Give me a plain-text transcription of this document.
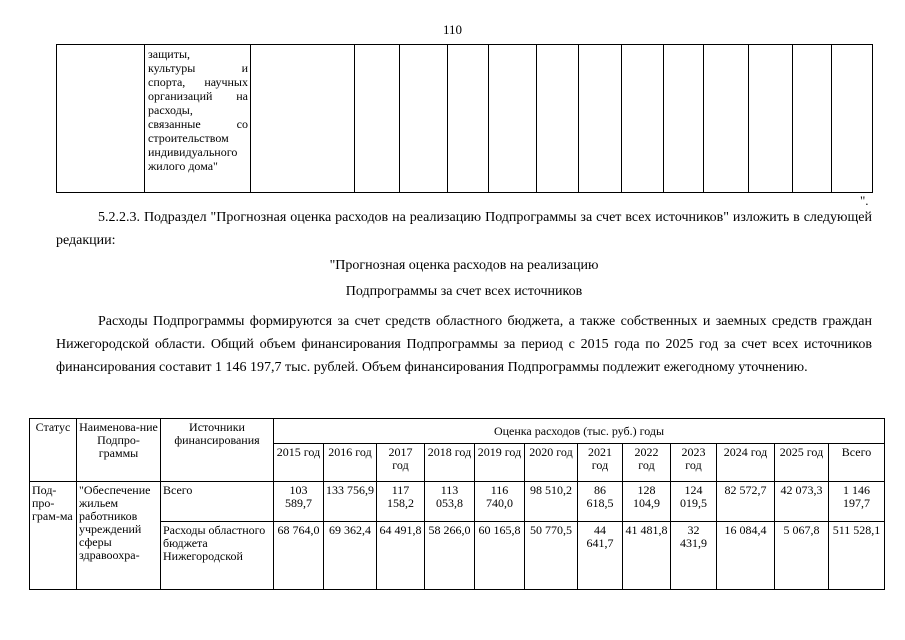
110

защиты,
культуры и
спорта, научных
организаций на
расходы,
связанные со
строительством
индивидуального
жилого дома"

".
5.2.2.3. Подраздел "Прогнозная оценка расходов на реализацию Подпрограммы за счет всех источников" изложить в следующей редакции:
"Прогнозная оценка расходов на реализацию
Подпрограммы за счет всех источников
Расходы Подпрограммы формируются за счет средств областного бюджета, а также собственных и заемных средств граждан Нижегородской области. Общий объем финансирования Подпрограммы за период с 2015 года по 2025 год за счет всех источников финансирования составит 1 146 197,7 тыс. рублей. Объем финансирования Подпрограммы подлежит ежегодному уточнению.
Статус	Наименова-ние Подпро-граммы	Источники финансирования	Оценка расходов (тыс. руб.) годы											
			2015 год	2016 год	2017 год	2018 год	2019 год	2020 год	2021 год	2022 год	2023 год	2024 год	2025 год	Всего
Под-про-грам-ма	"Обеспечение жильем работников учреждений сферы здравоохра-	Всего	103 589,7	133 756,9	117 158,2	113 053,8	116 740,0	98 510,2	86 618,5	128 104,9	124 019,5	82 572,7	42 073,3	1 146 197,7
		Расходы областного бюджета Нижегородской	68 764,0	69 362,4	64 491,8	58 266,0	60 165,8	50 770,5	44 641,7	41 481,8	32 431,9	16 084,4	5 067,8	511 528,1
